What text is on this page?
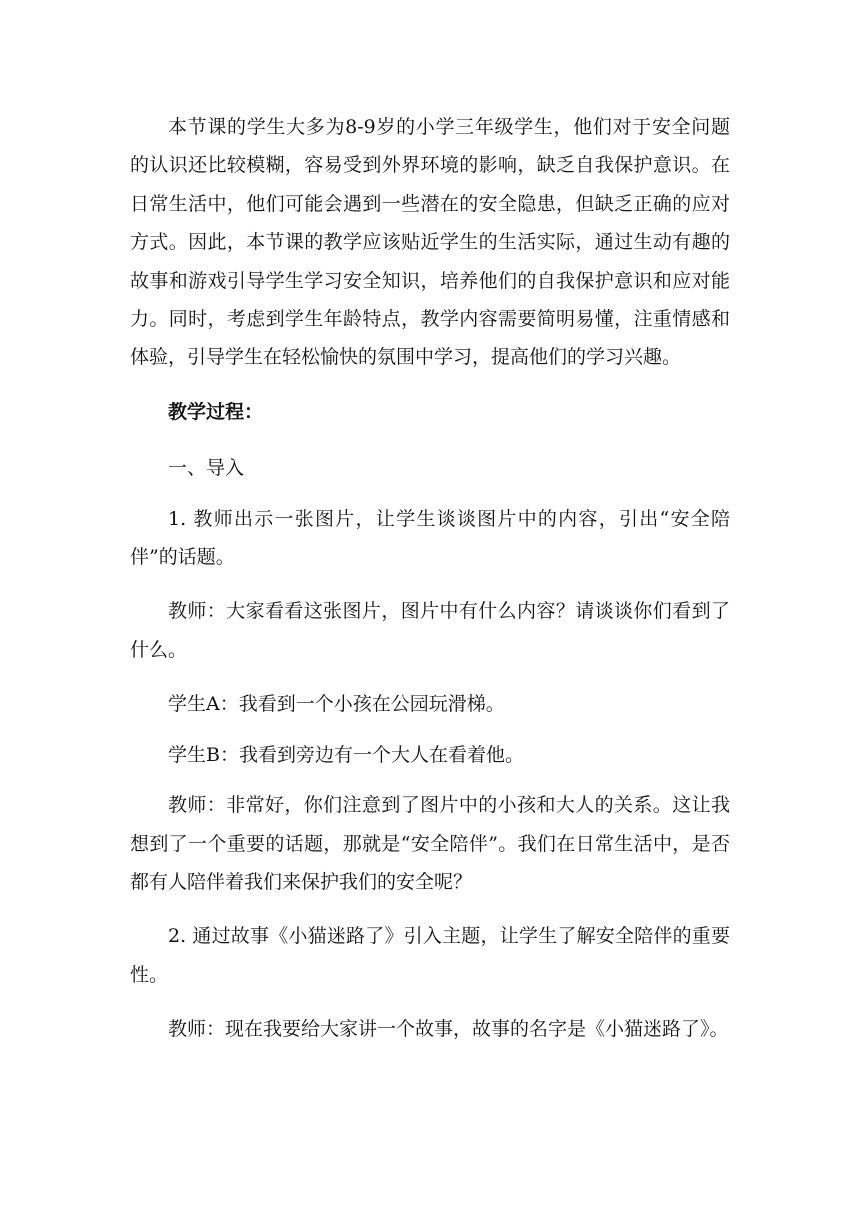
本节课的学生大多为8-9岁的小学三年级学生，他们对于安全问题的认识还比较模糊，容易受到外界环境的影响，缺乏自我保护意识。在日常生活中，他们可能会遇到一些潜在的安全隐患，但缺乏正确的应对方式。因此，本节课的教学应该贴近学生的生活实际，通过生动有趣的故事和游戏引导学生学习安全知识，培养他们的自我保护意识和应对能力。同时，考虑到学生年龄特点，教学内容需要简明易懂，注重情感和体验，引导学生在轻松愉快的氛围中学习，提高他们的学习兴趣。

教学过程：

一、导入

1. 教师出示一张图片，让学生谈谈图片中的内容，引出“安全陪伴”的话题。

教师：大家看看这张图片，图片中有什么内容？请谈谈你们看到了什么。

学生A：我看到一个小孩在公园玩滑梯。

学生B：我看到旁边有一个大人在看着他。

教师：非常好，你们注意到了图片中的小孩和大人的关系。这让我想到了一个重要的话题，那就是“安全陪伴”。我们在日常生活中，是否都有人陪伴着我们来保护我们的安全呢？

2. 通过故事《小猫迷路了》引入主题，让学生了解安全陪伴的重要性。

教师：现在我要给大家讲一个故事，故事的名字是《小猫迷路了》。
